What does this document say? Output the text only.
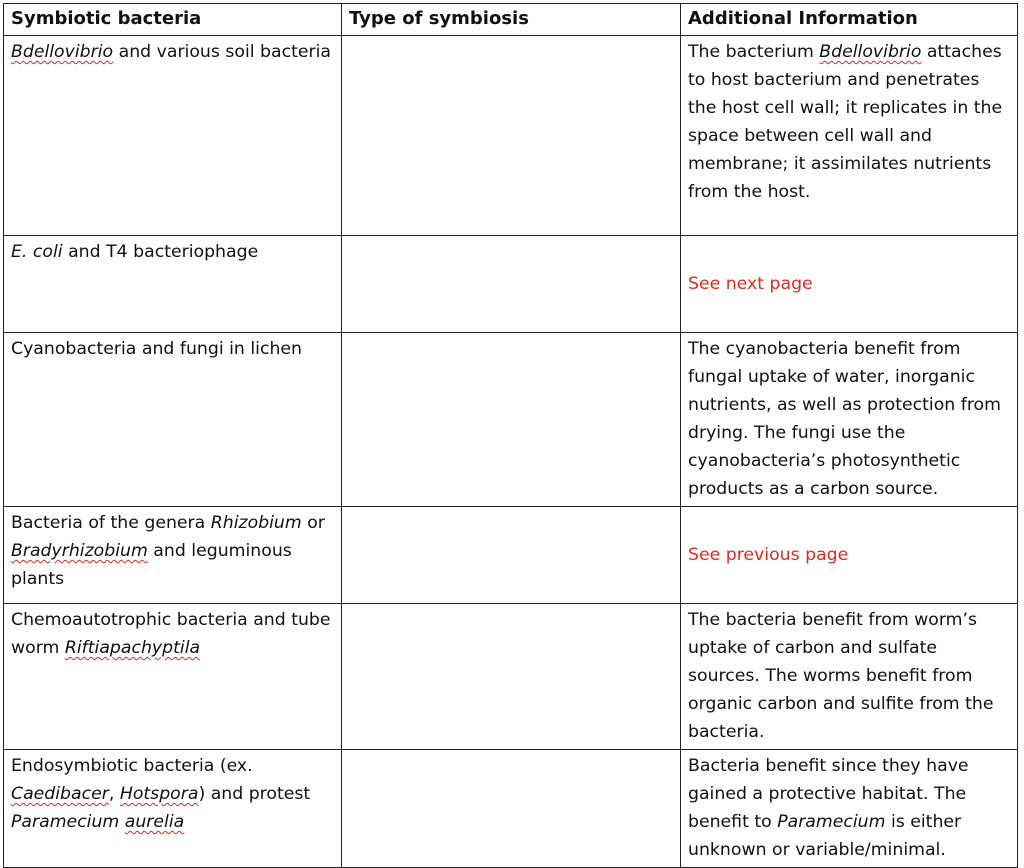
Symbiotic bacteria	Type of symbiosis	Additional Information
Bdellovibrio and various soil bacteria		The bacterium Bdellovibrio attaches to host bacterium and penetrates the host cell wall; it replicates in the space between cell wall and membrane; it assimilates nutrients from the host.
E. coli and T4 bacteriophage		See next page
Cyanobacteria and fungi in lichen		The cyanobacteria benefit from fungal uptake of water, inorganic nutrients, as well as protection from drying. The fungi use the cyanobacteria’s photosynthetic products as a carbon source.
Bacteria of the genera Rhizobium or Bradyrhizobium and leguminous plants		See previous page
Chemoautotrophic bacteria and tube worm Riftiapachyptila		The bacteria benefit from worm’s uptake of carbon and sulfate sources. The worms benefit from organic carbon and sulfite from the bacteria.
Endosymbiotic bacteria (ex. Caedibacer, Hotspora) and protest Paramecium aurelia		Bacteria benefit since they have gained a protective habitat. The benefit to Paramecium is either unknown or variable/minimal.
